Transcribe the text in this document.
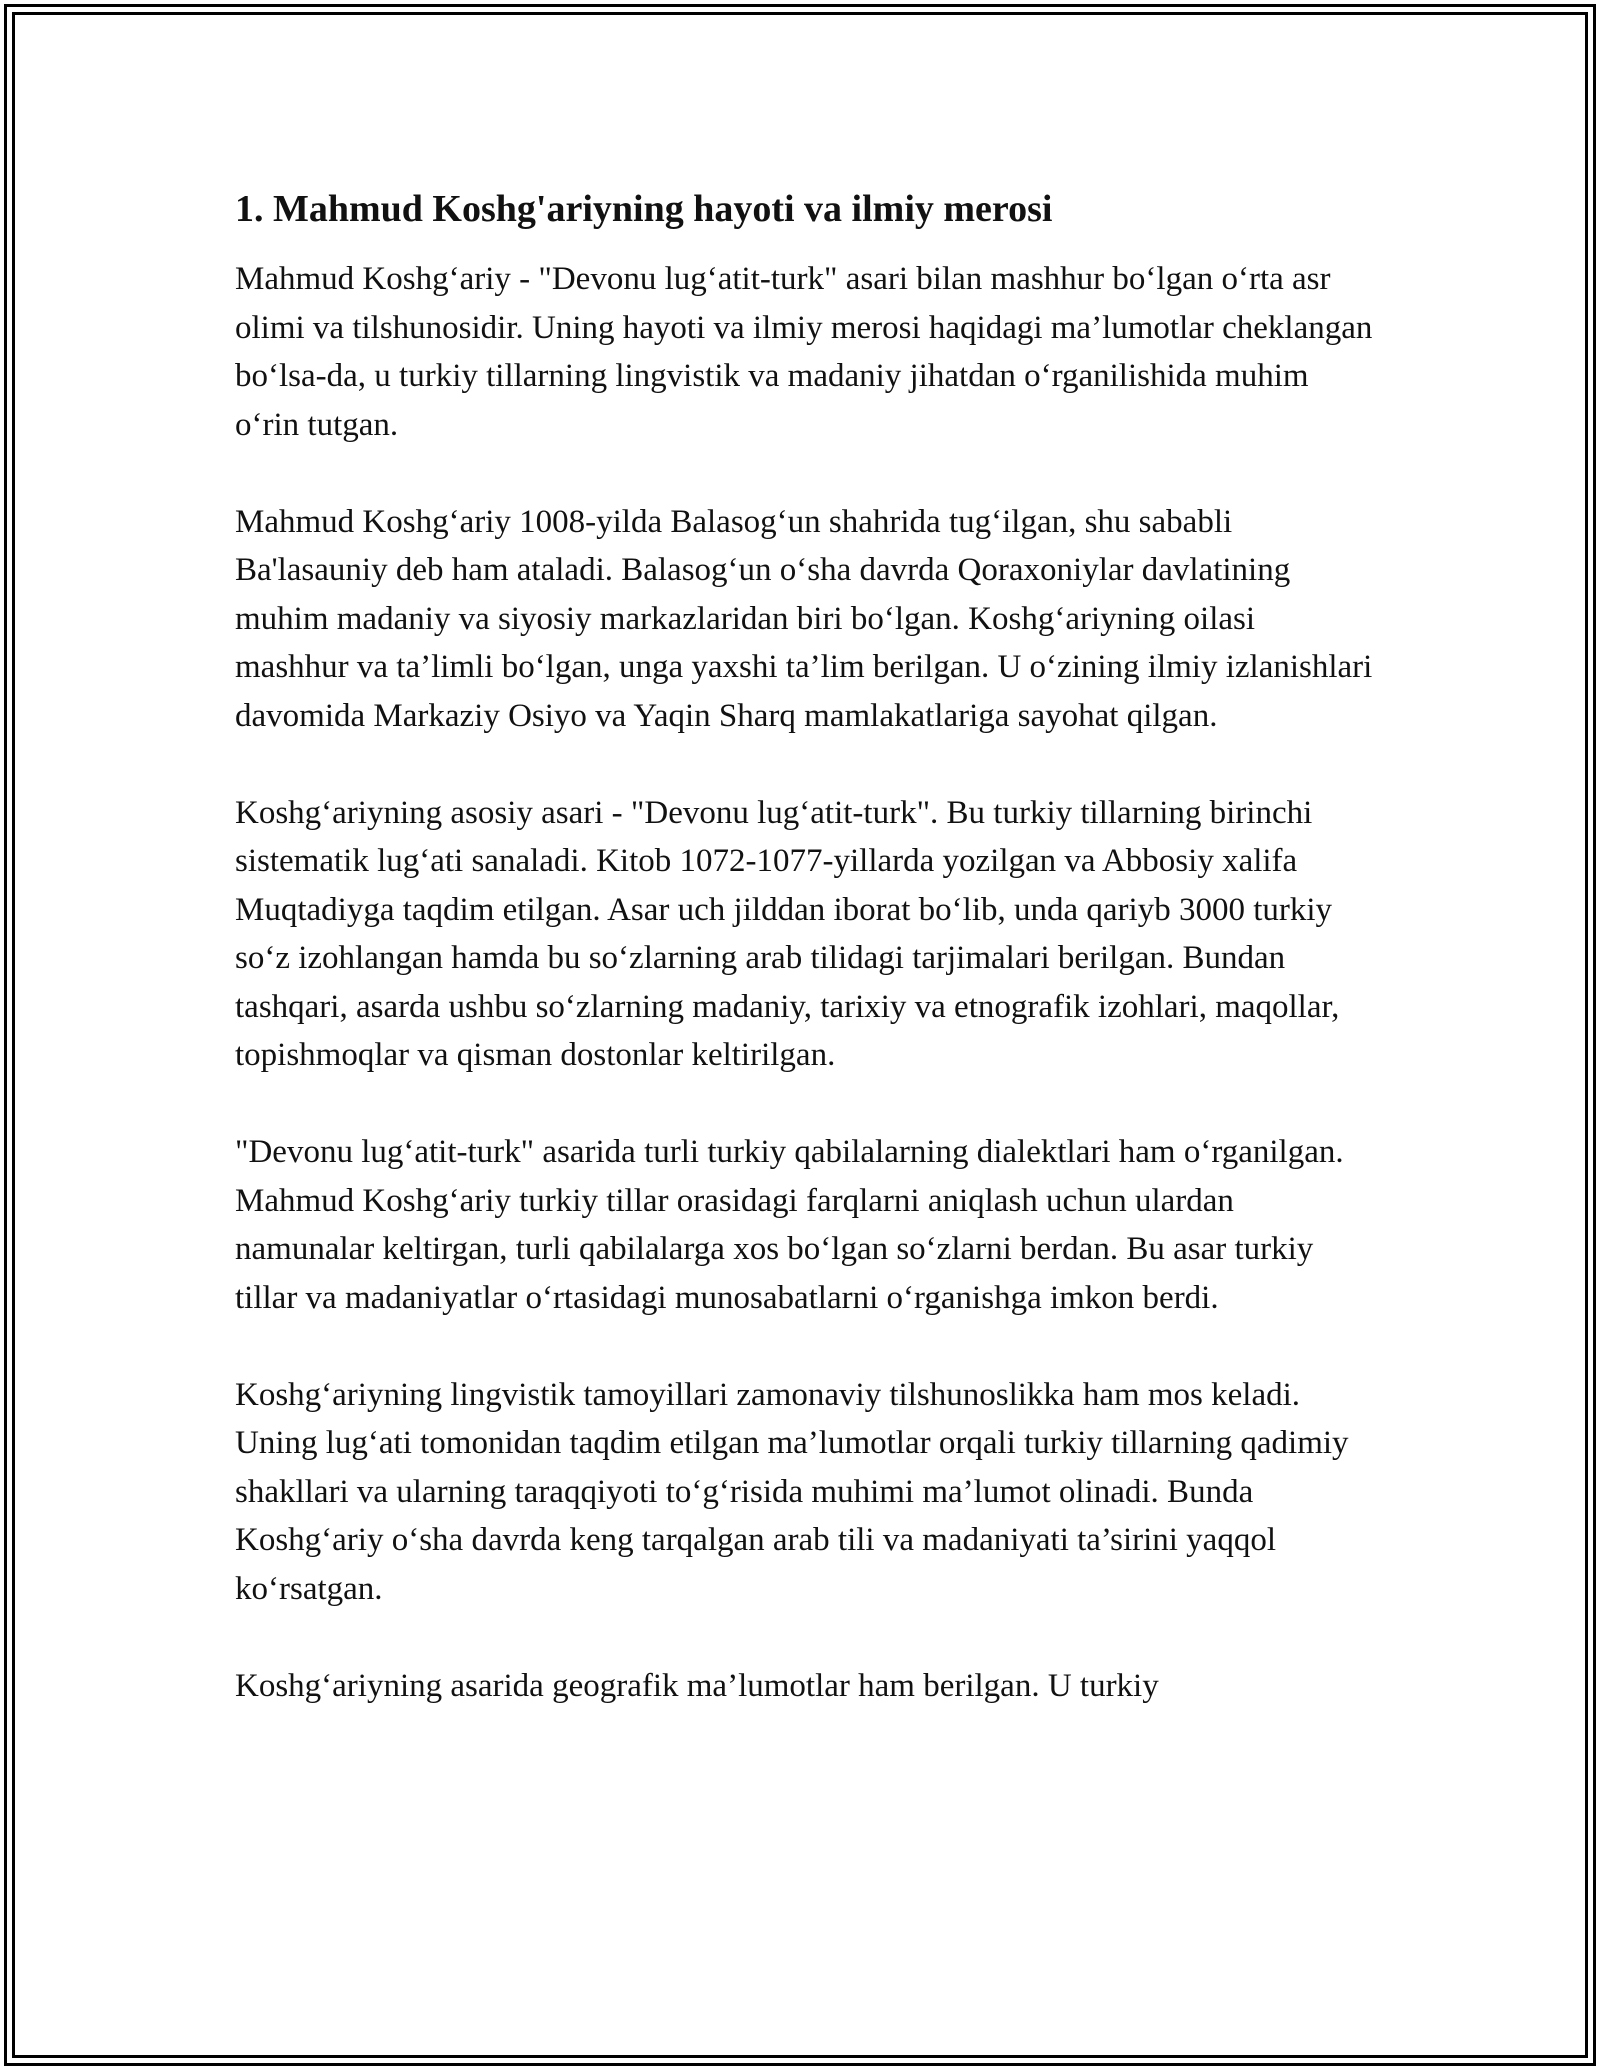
1. Mahmud Koshg'ariyning hayoti va ilmiy merosi

Mahmud Koshg‘ariy - "Devonu lug‘atit-turk" asari bilan mashhur bo‘lgan o‘rta asr olimi va tilshunosidir. Uning hayoti va ilmiy merosi haqidagi ma’lumotlar cheklangan bo‘lsa-da, u turkiy tillarning lingvistik va madaniy jihatdan o‘rganilishida muhim o‘rin tutgan.

Mahmud Koshg‘ariy 1008-yilda Balasog‘un shahrida tug‘ilgan, shu sababli Ba'lasauniy deb ham ataladi. Balasog‘un o‘sha davrda Qoraxoniylar davlatining muhim madaniy va siyosiy markazlaridan biri bo‘lgan. Koshg‘ariyning oilasi mashhur va ta’limli bo‘lgan, unga yaxshi ta’lim berilgan. U o‘zining ilmiy izlanishlari davomida Markaziy Osiyo va Yaqin Sharq mamlakatlariga sayohat qilgan.

Koshg‘ariyning asosiy asari - "Devonu lug‘atit-turk". Bu turkiy tillarning birinchi sistematik lug‘ati sanaladi. Kitob 1072-1077-yillarda yozilgan va Abbosiy xalifa Muqtadiyga taqdim etilgan. Asar uch jilddan iborat bo‘lib, unda qariyb 3000 turkiy so‘z izohlangan hamda bu so‘zlarning arab tilidagi tarjimalari berilgan. Bundan tashqari, asarda ushbu so‘zlarning madaniy, tarixiy va etnografik izohlari, maqollar, topishmoqlar va qisman dostonlar keltirilgan.

"Devonu lug‘atit-turk" asarida turli turkiy qabilalarning dialektlari ham o‘rganilgan. Mahmud Koshg‘ariy turkiy tillar orasidagi farqlarni aniqlash uchun ulardan namunalar keltirgan, turli qabilalarga xos bo‘lgan so‘zlarni berdan. Bu asar turkiy tillar va madaniyatlar o‘rtasidagi munosabatlarni o‘rganishga imkon berdi.

Koshg‘ariyning lingvistik tamoyillari zamonaviy tilshunoslikka ham mos keladi. Uning lug‘ati tomonidan taqdim etilgan ma’lumotlar orqali turkiy tillarning qadimiy shakllari va ularning taraqqiyoti to‘g‘risida muhimi ma’lumot olinadi. Bunda Koshg‘ariy o‘sha davrda keng tarqalgan arab tili va madaniyati ta’sirini yaqqol ko‘rsatgan.

Koshg‘ariyning asarida geografik ma’lumotlar ham berilgan. U turkiy
